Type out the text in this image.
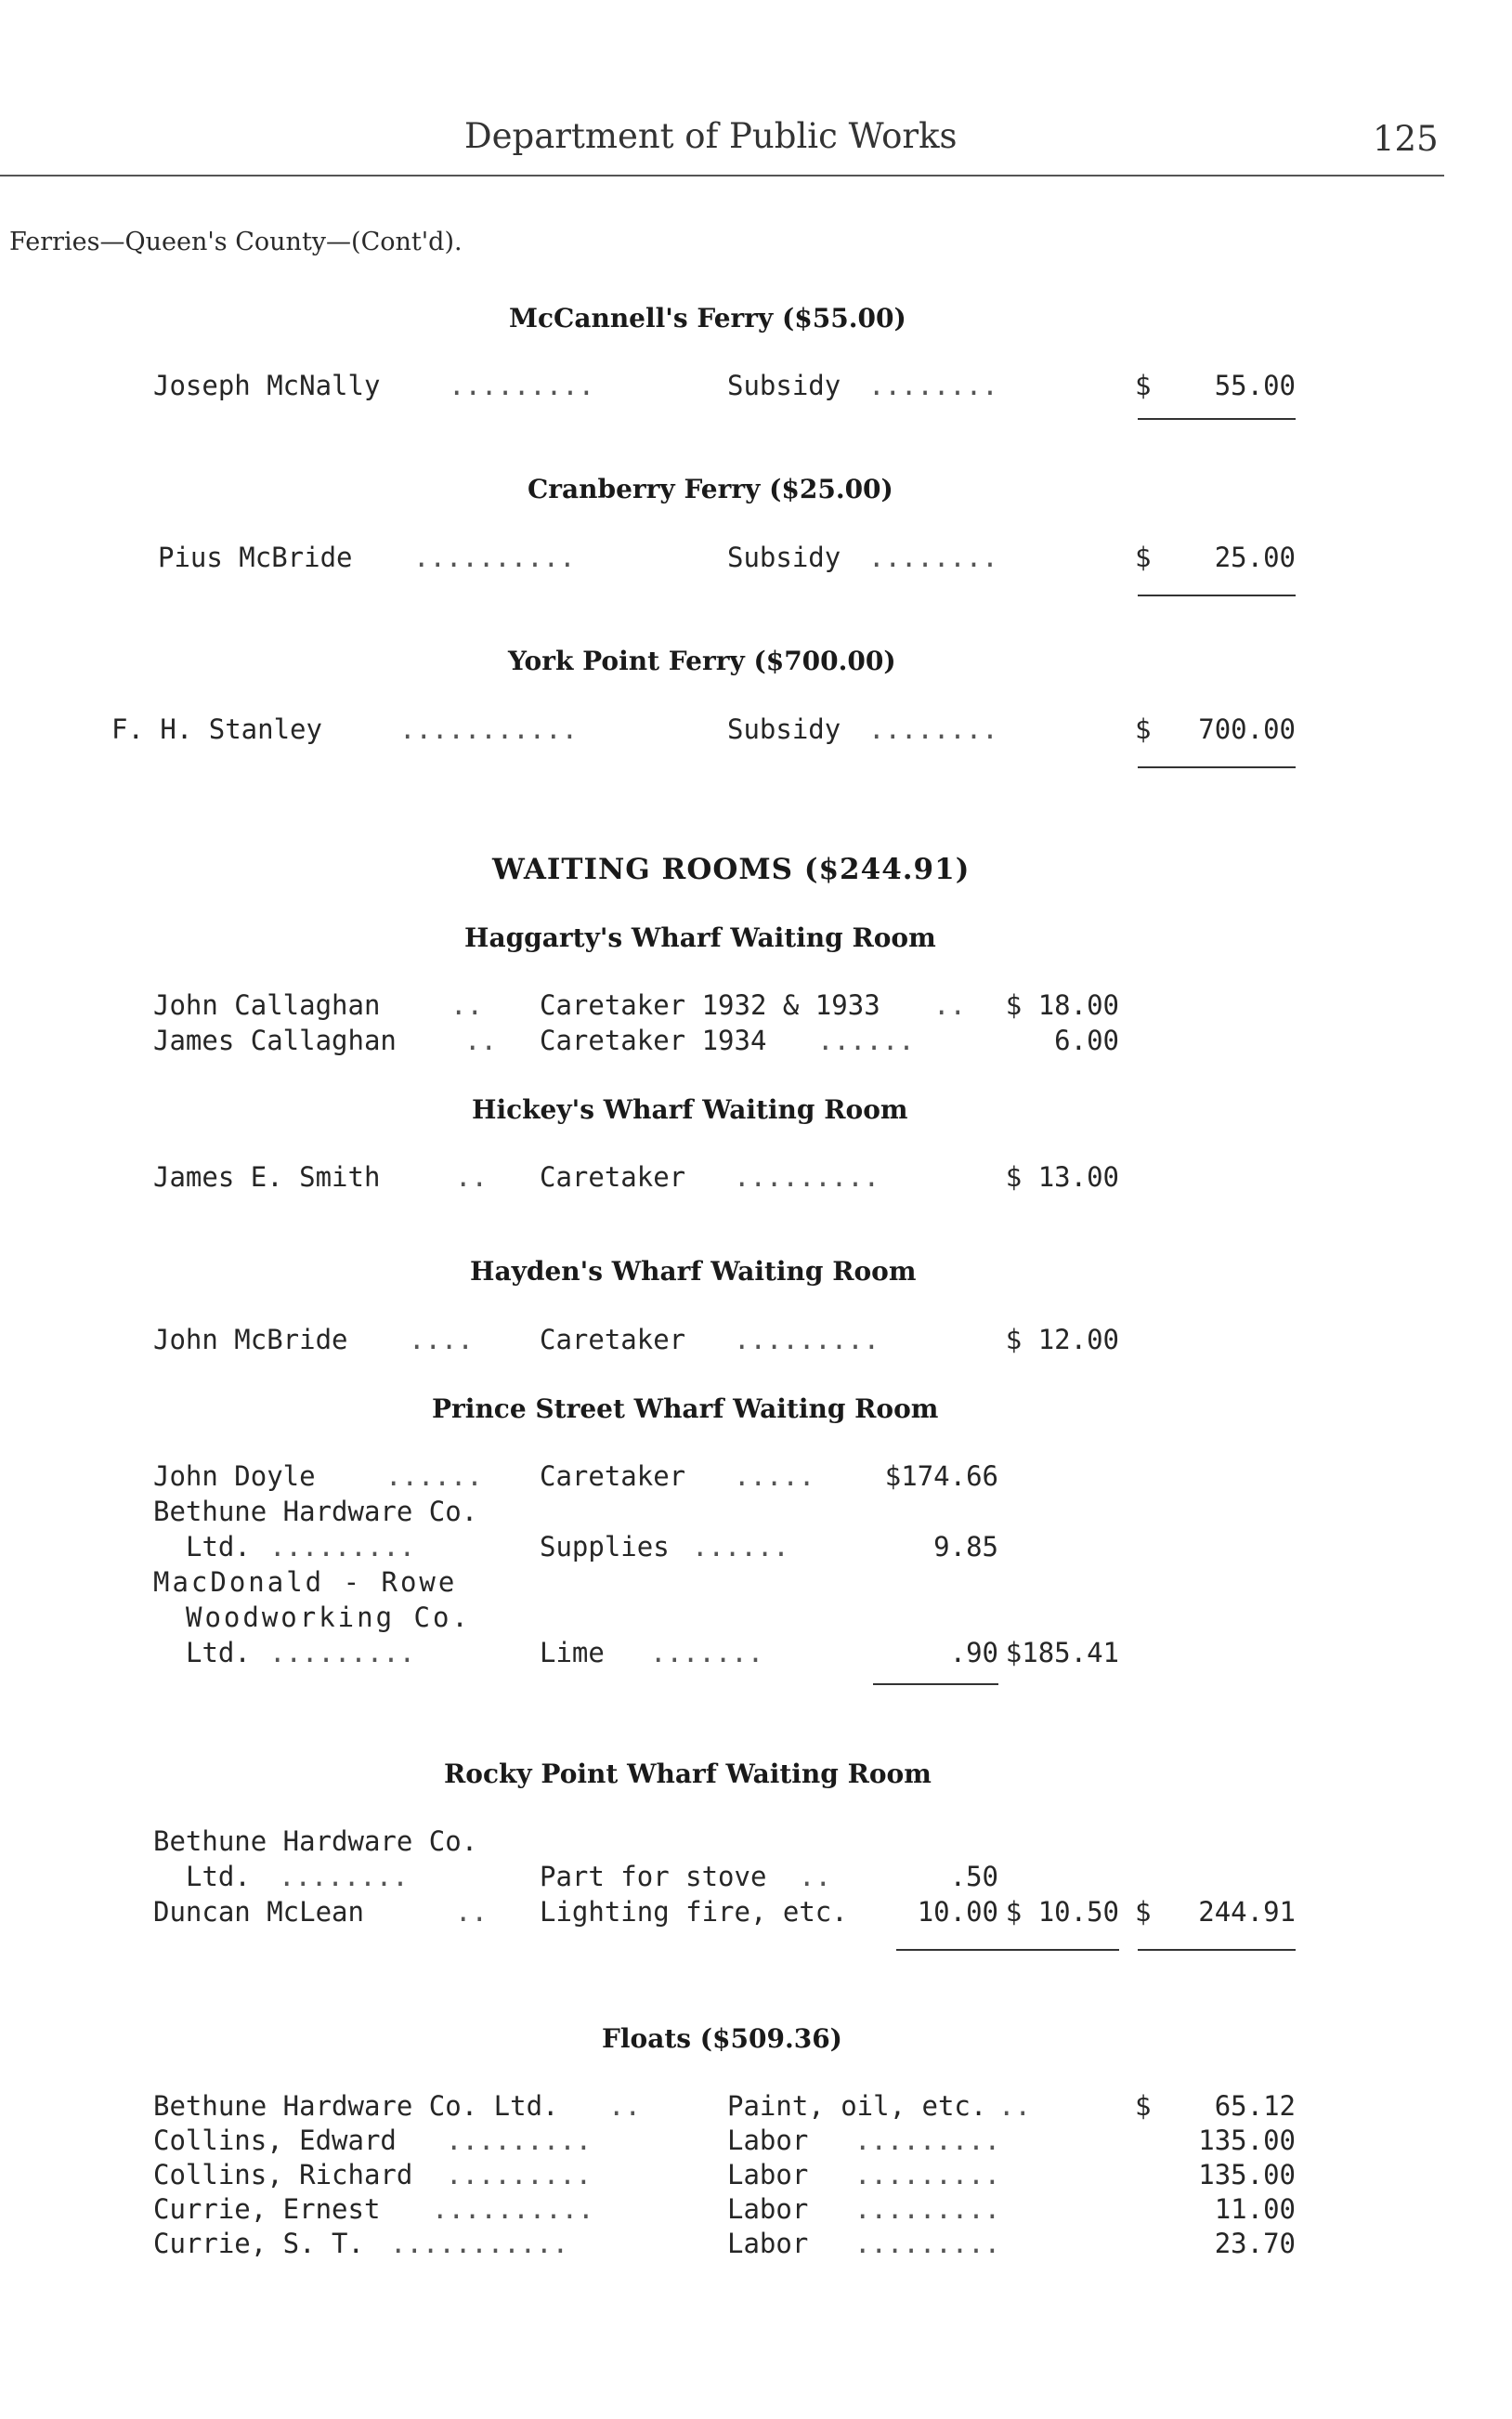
Department of Public Works	125
Ferries—Queen's County—(Cont'd).
McCannell's Ferry ($55.00)
Joseph McNally	.........	Subsidy ........	$	55.00
Cranberry Ferry ($25.00)
Pius McBride ..........	Subsidy ........	$	25.00
York Point Ferry ($700.00)
F. H. Stanley	...........	Subsidy ........	$	700.00
WAITING ROOMS ($244.91)
Haggarty's Wharf Waiting Room
John Callaghan	.. Caretaker 1932 & 1933 .. $ 18.00
James Callaghan	.. Caretaker 1934 ......	6.00
Hickey's Wharf Waiting Room
James E. Smith	.. Caretaker .........	$ 13.00
Hayden's Wharf Waiting Room
John McBride .... Caretaker .........	$ 12.00
Prince Street Wharf Waiting Room
John Doyle	...... Caretaker .....	$174.66
Bethune Hardware Co.
Ltd. .........	Supplies ......	9.85
MacDonald - Rowe
Woodworking Co.
Ltd. .........	Lime .......	.90 $185.41
Rocky Point Wharf Waiting Room
Bethune Hardware Co.
Ltd. ........	Part for stove ..	.50
Duncan McLean	.. Lighting fire, etc.	10.00 $ 10.50 $	244.91
Floats ($509.36)
Bethune Hardware Co. Ltd. ..	Paint, oil, etc. ..	$	65.12
Collins, Edward .........	Labor .........	135.00
Collins, Richard .........	Labor .........	135.00
Currie, Ernest ..........	Labor .........	11.00
Currie, S. T. ...........	Labor .........	23.70
